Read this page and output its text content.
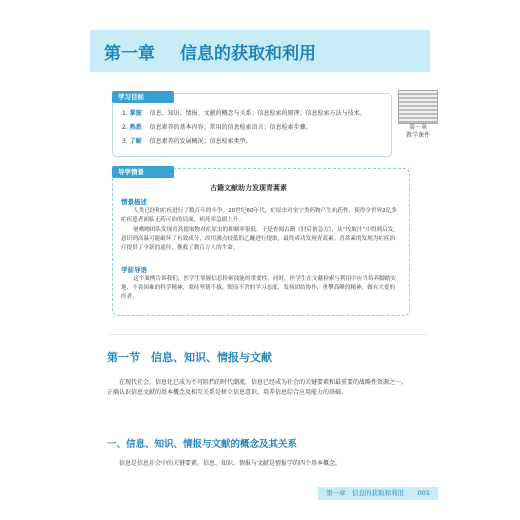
第一章 信息的获取和利用
第一章
教学课件
学习目标
1. 掌握 信息、知识、情报、文献的概念与关系；信息检索的原理；信息检索方法与技术。
2. 熟悉 信息素养的基本内容；常用的信息检索语言；信息检索步骤。
3. 了解 信息素养的发展概况；信息检索类型。
导学情景
古籍文献助力发现青蒿素
情景描述
人类已经和疟疾进行了数百年的斗争。20世纪60年代，疟原虫对奎宁类药物产生抗药性，使得全世界2亿多疟疾患者面临无药可治的局面，病死率急剧上升。
屠呦呦团队发现青蒿提取物对疟原虫的抑制率很低，于是查阅古籍《肘后备急方》，从“绞取汁”中得到启发，意识到高温可能破坏了有效成分，改用沸点较低的乙醚进行提取，最终成功发现青蒿素。青蒿素的发现为疟疾治疗提供了全新的途径，挽救了数百万人的生命。
学前导语
这个案例告诉我们，医学生掌握信息检索技能的重要性。同时，医学生在文献检索与利用中应当培养脚踏实地、不畏困难的科学精神，秉持坚韧不拔、锲而不舍的学习态度，发扬团结协作、勇攀高峰的精神，做有大爱的医者。
第一节　信息、知识、情报与文献
在现代社会，信息化已成为不可阻挡的时代潮流，信息已经成为社会的关键要素和最重要的战略性资源之一。正确认识信息文献的基本概念及相互关系是树立信息意识、培养信息综合应用能力的基础。
一、信息、知识、情报与文献的概念及其关系
信息是信息社会中的关键要素。信息、知识、情报与文献是情报学的四个基本概念。
第一章　信息的获取和利用	001
